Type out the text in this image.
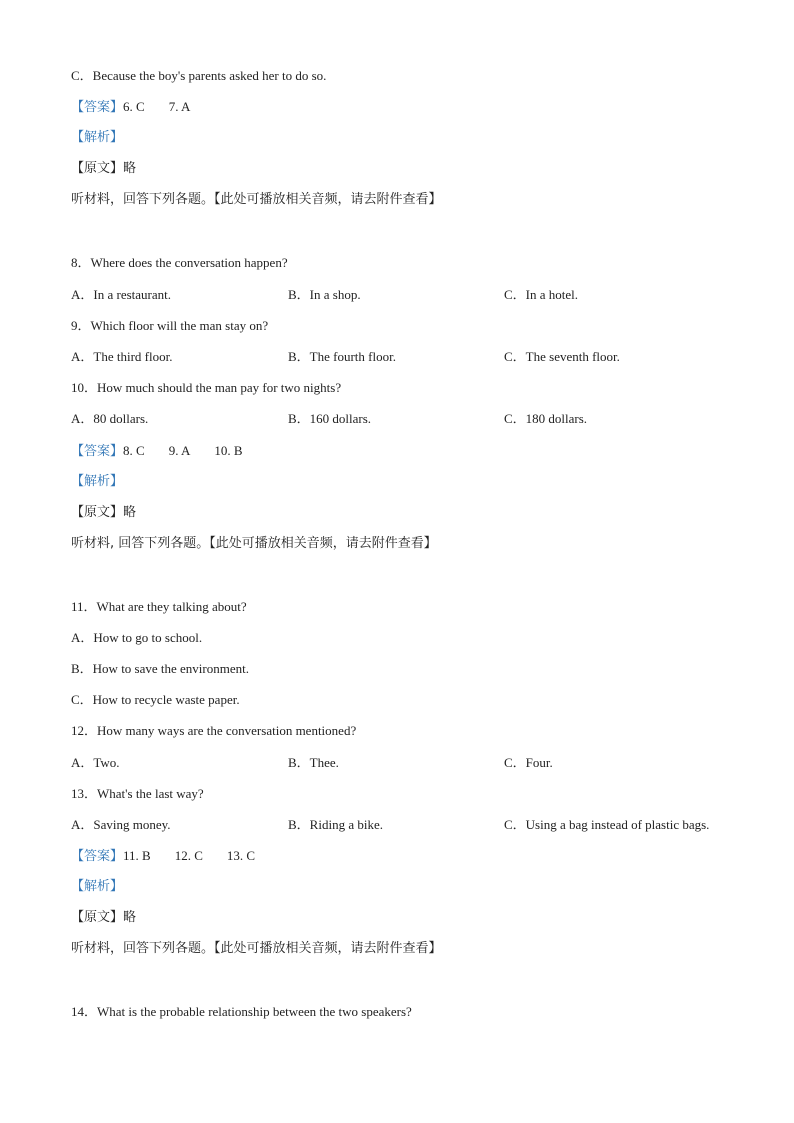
C．Because the boy's parents asked her to do so.
【答案】6. C 7. A
【解析】
【原文】略
听材料，回答下列各题。【此处可播放相关音频，请去附件查看】
8．Where does the conversation happen?
A．In a restaurant.	B．In a shop.	C．In a hotel.
9．Which floor will the man stay on?
A．The third floor.	B．The fourth floor.	C．The seventh floor.
10．How much should the man pay for two nights?
A．80 dollars.	B．160 dollars.	C．180 dollars.
【答案】8. C 9. A 10. B
【解析】
【原文】略
听材料, 回答下列各题。【此处可播放相关音频，请去附件查看】
11．What are they talking about?
A．How to go to school.
B．How to save the environment.
C．How to recycle waste paper.
12．How many ways are the conversation mentioned?
A．Two.	B．Thee.	C．Four.
13．What's the last way?
A．Saving money.	B．Riding a bike.	C．Using a bag instead of plastic bags.
【答案】11. B 12. C 13. C
【解析】
【原文】略
听材料，回答下列各题。【此处可播放相关音频，请去附件查看】
14．What is the probable relationship between the two speakers?
